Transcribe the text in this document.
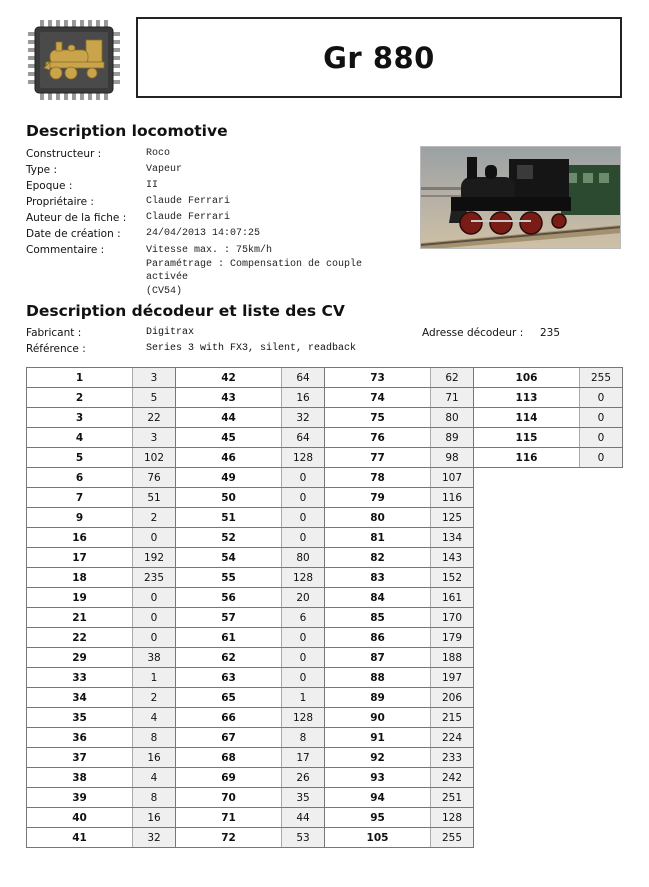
Gr 880
Description locomotive
Constructeur :	Roco
Type :	Vapeur
Epoque :	II
Propriétaire :	Claude Ferrari
Auteur de la fiche :	Claude Ferrari
Date de création :	24/04/2013 14:07:25
Commentaire :	Vitesse max. : 75km/h
Paramétrage : Compensation de couple activée
(CV54)
Description décodeur et liste des CV
Fabricant :	Digitrax	Adresse décodeur :	235
Référence :	Series 3 with FX3, silent, readback
1	3	42	64	73	62	106	255
2	5	43	16	74	71	113	0
3	22	44	32	75	80	114	0
4	3	45	64	76	89	115	0
5	102	46	128	77	98	116	0
6	76	49	0	78	107		
7	51	50	0	79	116		
9	2	51	0	80	125		
16	0	52	0	81	134		
17	192	54	80	82	143		
18	235	55	128	83	152		
19	0	56	20	84	161		
21	0	57	6	85	170		
22	0	61	0	86	179		
29	38	62	0	87	188		
33	1	63	0	88	197		
34	2	65	1	89	206		
35	4	66	128	90	215		
36	8	67	8	91	224		
37	16	68	17	92	233		
38	4	69	26	93	242		
39	8	70	35	94	251		
40	16	71	44	95	128		
41	32	72	53	105	255		
